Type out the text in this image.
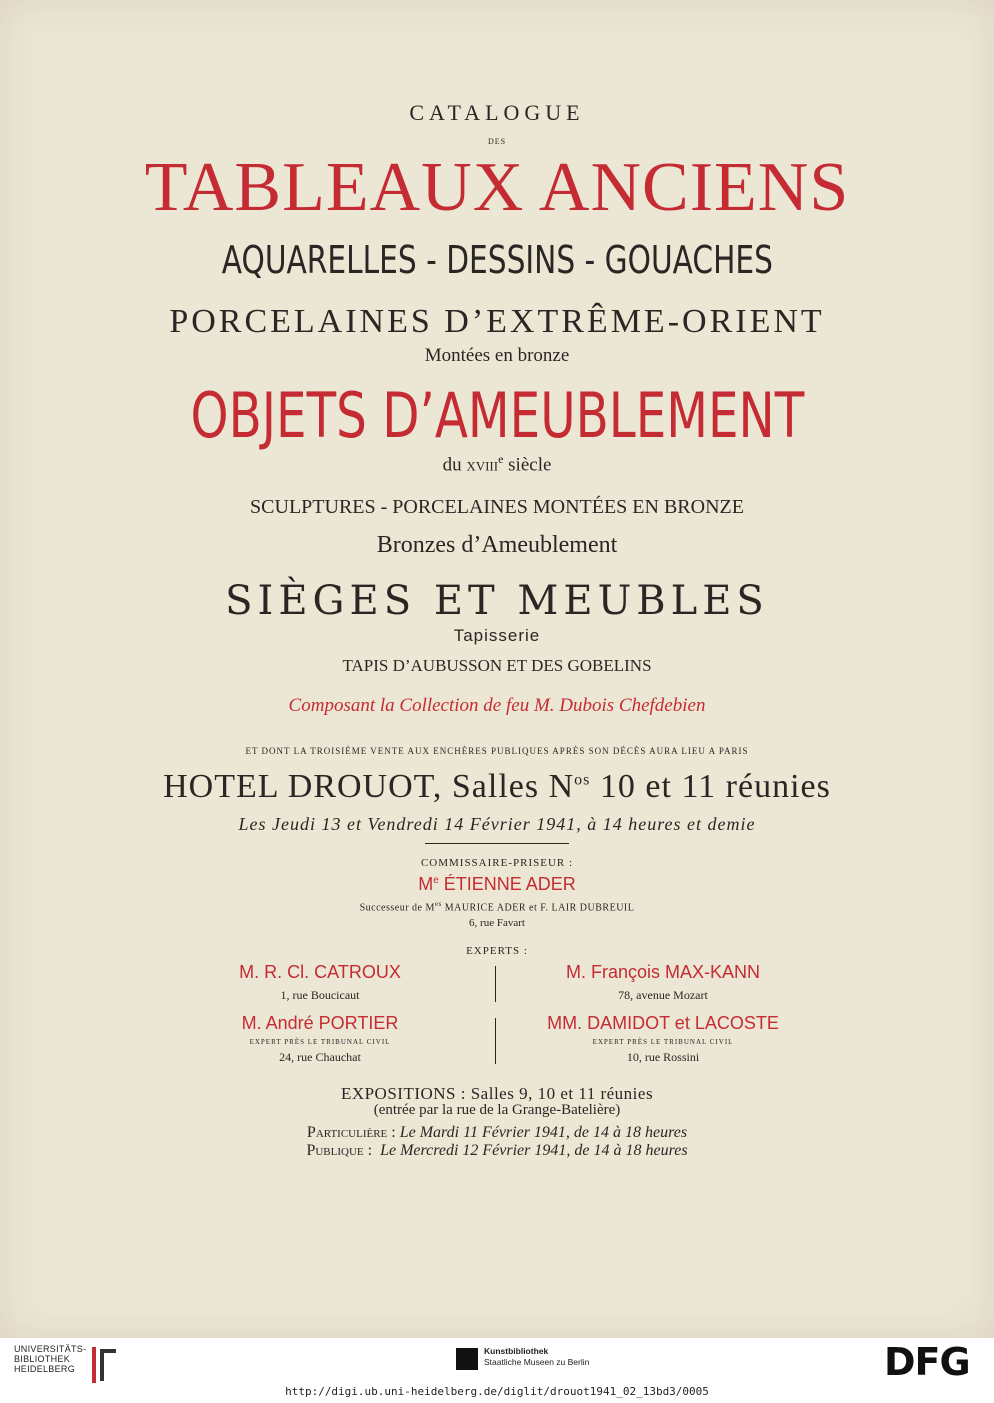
CATALOGUE
DES
TABLEAUX ANCIENS
AQUARELLES - DESSINS - GOUACHES
PORCELAINES D’EXTRÊME-ORIENT
Montées en bronze
OBJETS D’AMEUBLEMENT
du xviii$^e$ siècle
SCULPTURES - PORCELAINES MONTÉES EN BRONZE
Bronzes d’Ameublement
SIÈGES ET MEUBLES
Tapisserie
TAPIS D’AUBUSSON ET DES GOBELINS
Composant la Collection de feu M. Dubois Chefdebien
ET DONT LA TROISIÈME VENTE AUX ENCHÈRES PUBLIQUES APRÈS SON DÉCÈS AURA LIEU A PARIS
HOTEL DROUOT, Salles $N^{os}$ 10 et 11 réunies
Les Jeudi 13 et Vendredi 14 Février 1941, à 14 heures et demie
COMMISSAIRE-PRISEUR :
Me ÉTIENNE ADER
Successeur de $M^{es}$ MAURICE ADER et F. LAIR DUBREUIL
6, rue Favart
EXPERTS :
M. R. Cl. CATROUX
1, rue Boucicaut
M. André PORTIER
EXPERT PRÈS LE TRIBUNAL CIVIL
24, rue Chauchat
M. François MAX-KANN
78, avenue Mozart
MM. DAMIDOT et LACOSTE
EXPERT PRÈS LE TRIBUNAL CIVIL
10, rue Rossini
EXPOSITIONS : Salles 9, 10 et 11 réunies
(entrée par la rue de la Grange-Batelière)
Particulière : Le Mardi 11 Février 1941, de 14 à 18 heures
Publique : Le Mercredi 12 Février 1941, de 14 à 18 heures
UNIVERSITÄTS-
BIBLIOTHEK
HEIDELBERG
Kunstbibliothek
Staatliche Museen zu Berlin	DFG
http://digi.ub.uni-heidelberg.de/diglit/drouot1941_02_13bd3/0005
